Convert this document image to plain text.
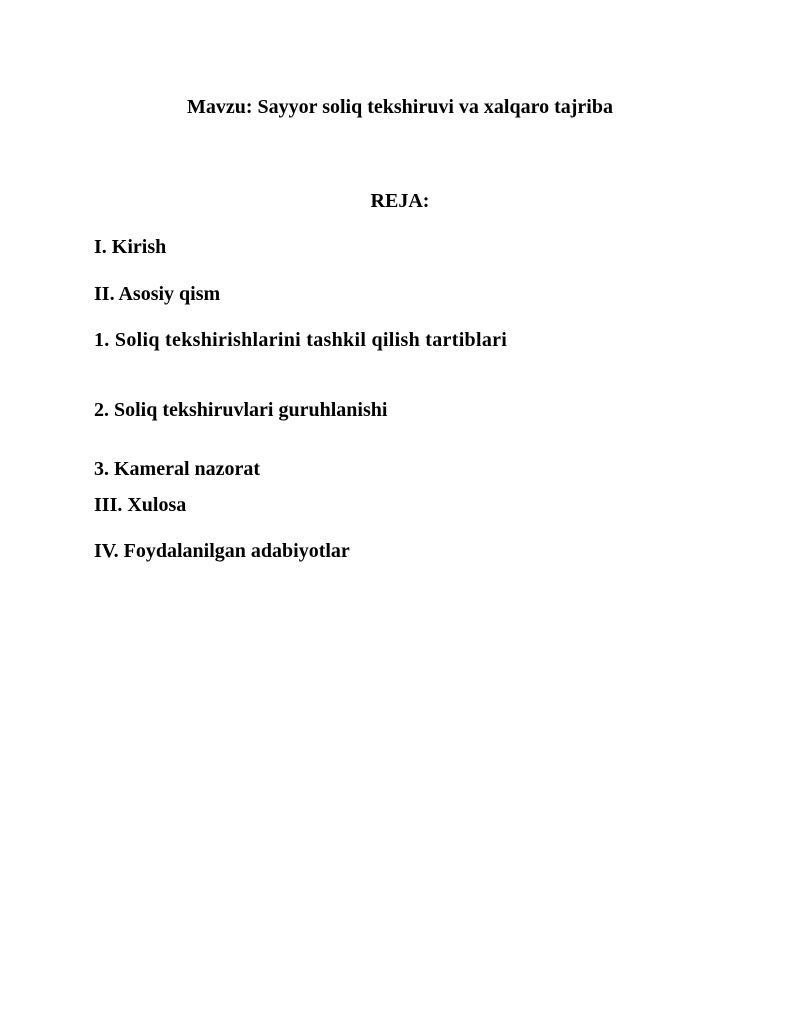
Mavzu: Sayyor soliq tekshiruvi va xalqaro tajriba
REJA:
I. Kirish
II. Asosiy qism
1. Soliq tekshirishlarini tashkil qilish tartiblari
2. Soliq tekshiruvlari guruhlanishi
3. Kameral nazorat
III. Xulosa
IV. Foydalanilgan adabiyotlar
